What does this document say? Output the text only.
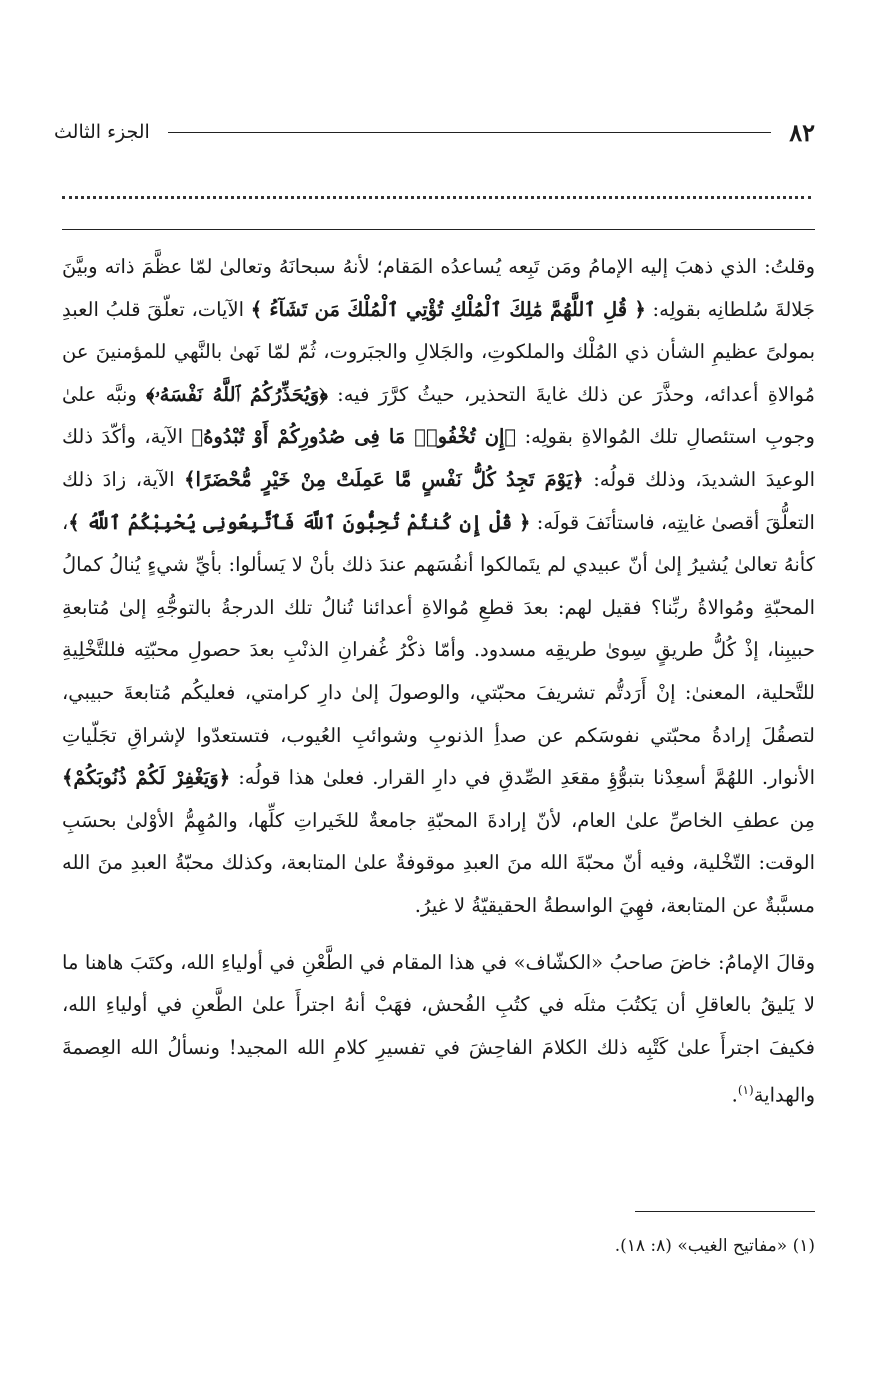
٨٢
الجزء الثالث

وقلتُ: الذي ذهبَ إليه الإمامُ ومَن تَبِعه يُساعدُه المَقام؛ لأنهُ سبحانَهُ وتعالىٰ لمّا عظَّمَ ذاته وبيَّنَ جَلالةَ سُلطانِه بقولِه: ﴿ قُلِ ٱللَّهُمَّ مَٰلِكَ ٱلْمُلْكِ تُؤْتِي ٱلْمُلْكَ مَن تَشَآءُ ﴾ الآيات، تعلّقَ قلبُ العبدِ بمولىً عظيمِ الشأن ذي المُلْك والملكوتِ، والجَلالِ والجبَروت، ثُمّ لمّا نَهىٰ بالنَّهي للمؤمنينَ عن مُوالاةِ أعدائه، وحذَّرَ عن ذلك غايةَ التحذير، حيثُ كرَّرَ فيه: ﴿وَيُحَذِّرُكُمُ ٱللَّهُ نَفْسَهُۥ﴾ ونبَّه علىٰ وجوبِ استئصالِ تلك المُوالاةِ بقولِه: ﴿إِن تُخْفُوا۟ مَا فِى صُدُورِكُمْ أَوْ تُبْدُوهُ﴾ الآية، وأكّدَ ذلك الوعيدَ الشديدَ، وذلك قولُه: ﴿يَوْمَ تَجِدُ كُلُّ نَفْسٍ مَّا عَمِلَتْ مِنْ خَيْرٍ مُّحْضَرًا﴾ الآية، زادَ ذلك التعلُّقَ أقصىٰ غايتِه، فاستأنَفَ قولَه: ﴿ قُلْ إِن كُنتُمْ تُحِبُّونَ ٱللَّهَ فَٱتَّبِعُونِى يُحْبِبْكُمُ ٱللَّهُ ﴾، كأنهُ تعالىٰ يُشيرُ إلىٰ أنّ عبيدي لم يتَمالكوا أنفُسَهم عندَ ذلك بأنْ لا يَسألوا: بأيِّ شيءٍ يُنالُ كمالُ المحبّةِ ومُوالاةُ ربِّنا؟ فقيل لهم: بعدَ قطعِ مُوالاةِ أعدائنا تُنالُ تلك الدرجةُ بالتوجُّهِ إلىٰ مُتابعةِ حبيبِنا، إذْ كُلُّ طريقٍ سِوىٰ طريقِه مسدود. وأمّا ذكْرُ غُفرانِ الذنْبِ بعدَ حصولِ محبّتِه فللتَّخْلِيةِ للتَّحلية، المعنىٰ: إنْ أَرَدتُّم تشريفَ محبّتي، والوصولَ إلىٰ دارِ كرامتي، فعليكُم مُتابعةَ حبيبي، لتصقُلَ إرادةُ محبّتي نفوسَكم عن صدأِ الذنوبِ وشوائبِ العُيوب، فتستعدّوا لإشراقِ تجَلّياتِ الأنوار. اللهُمَّ أسعِدْنا بتبوُّؤِ مقعَدِ الصِّدقِ في دارِ القرار. فعلىٰ هذا قولُه: ﴿وَيَغْفِرْ لَكُمْ ذُنُوبَكُمْ﴾ مِن عطفِ الخاصِّ علىٰ العام، لأنّ إرادةَ المحبّةِ جامعةٌ للخَيراتِ كلِّها، والمُهِمُّ الأوْلىٰ بحسَبِ الوقت: التّخْلية، وفيه أنّ محبّةَ الله منَ العبدِ موقوفةٌ علىٰ المتابعة، وكذلك محبّةُ العبدِ منَ الله مسبَّبةٌ عن المتابعة، فهِيَ الواسطةُ الحقيقيّةُ لا غيرُ.

وقالَ الإمامُ: خاضَ صاحبُ «الكشّاف» في هذا المقام في الطَّعْنِ في أولياءِ الله، وكتَبَ هاهنا ما لا يَليقُ بالعاقلِ أن يَكتُبَ مثلَه في كتُبِ الفُحش، فهَبْ أنهُ اجترأَ علىٰ الطَّعنِ في أولياءِ الله، فكيفَ اجترأَ علىٰ كَتْبِه ذلك الكلامَ الفاحِشَ في تفسيرِ كلامِ الله المجيد! ونسألُ الله العِصمةَ والهداية$^{(١)}$.

(١) «مفاتيح الغيب» (٨: ١٨).
